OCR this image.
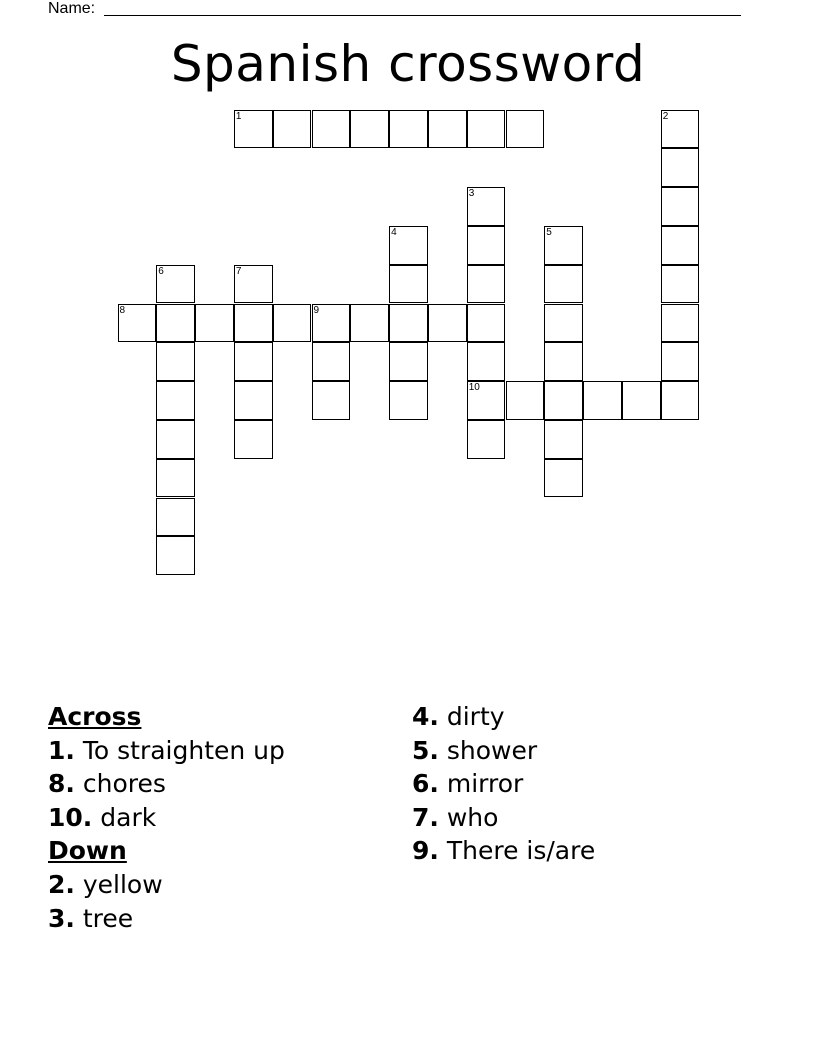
Name:
Spanish crossword
1	2
3
10
4	5
6	7
8	9
Across
1. To straighten up
8. chores
10. dark
Down
2. yellow
3. tree
4. dirty
5. shower
6. mirror
7. who
9. There is/are
